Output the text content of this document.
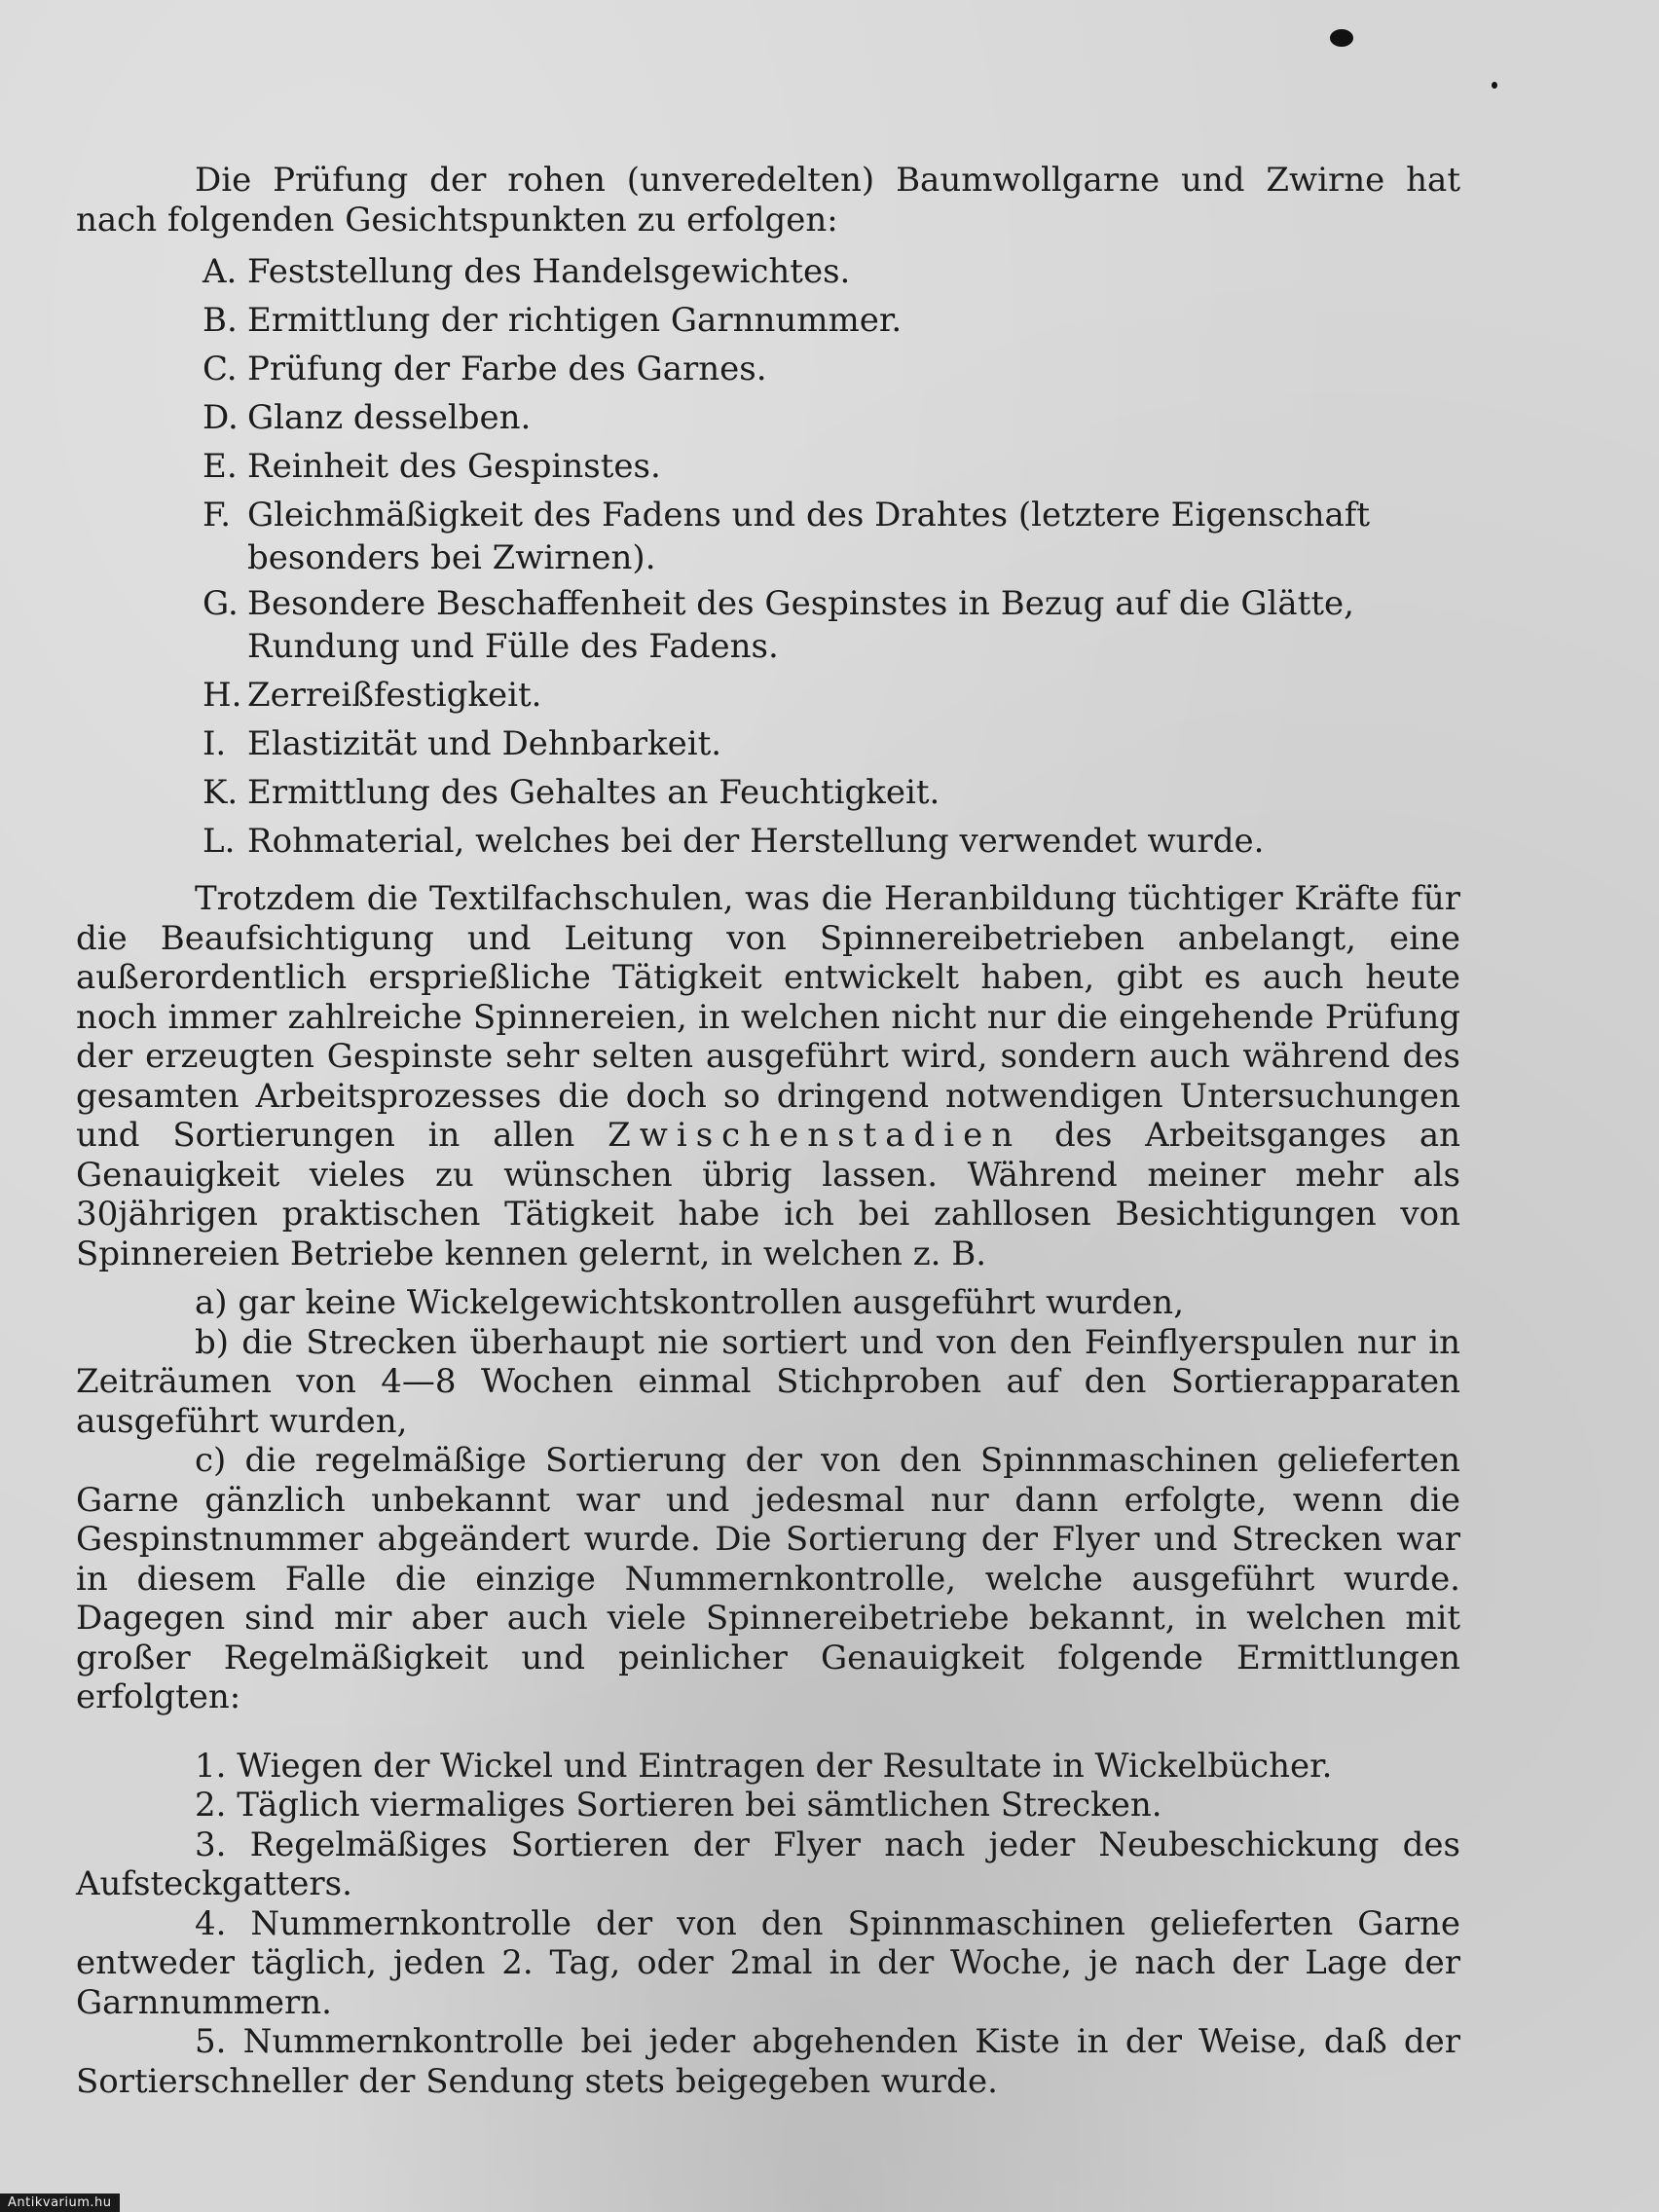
Die Prüfung der rohen (unveredelten) Baumwollgarne und Zwirne hat nach folgenden Gesichtspunkten zu erfolgen:

A. Feststellung des Handelsgewichtes.
B. Ermittlung der richtigen Garnnummer.
C. Prüfung der Farbe des Garnes.
D. Glanz desselben.
E. Reinheit des Gespinstes.
F. Gleichmäßigkeit des Fadens und des Drahtes (letztere Eigenschaft besonders bei Zwirnen).
G. Besondere Beschaffenheit des Gespinstes in Bezug auf die Glätte, Rundung und Fülle des Fadens.
H. Zerreißfestigkeit.
I. Elastizität und Dehnbarkeit.
K. Ermittlung des Gehaltes an Feuchtigkeit.
L. Rohmaterial, welches bei der Herstellung verwendet wurde.

Trotzdem die Textilfachschulen, was die Heranbildung tüchtiger Kräfte für die Beaufsichtigung und Leitung von Spinnereibetrieben anbelangt, eine außerordentlich ersprießliche Tätigkeit entwickelt haben, gibt es auch heute noch immer zahlreiche Spinnereien, in welchen nicht nur die eingehende Prüfung der erzeugten Gespinste sehr selten ausgeführt wird, sondern auch während des gesamten Arbeitsprozesses die doch so dringend notwendigen Untersuchungen und Sortierungen in allen Zwischenstadien des Arbeitsganges an Genauigkeit vieles zu wünschen übrig lassen. Während meiner mehr als 30jährigen praktischen Tätigkeit habe ich bei zahllosen Besichtigungen von Spinnereien Betriebe kennen gelernt, in welchen z. B.

a) gar keine Wickelgewichtskontrollen ausgeführt wurden,

b) die Strecken überhaupt nie sortiert und von den Feinflyerspulen nur in Zeiträumen von 4—8 Wochen einmal Stichproben auf den Sortierapparaten ausgeführt wurden,

c) die regelmäßige Sortierung der von den Spinnmaschinen gelieferten Garne gänzlich unbekannt war und jedesmal nur dann erfolgte, wenn die Gespinstnummer abgeändert wurde. Die Sortierung der Flyer und Strecken war in diesem Falle die einzige Nummernkontrolle, welche ausgeführt wurde. Dagegen sind mir aber auch viele Spinnereibetriebe bekannt, in welchen mit großer Regelmäßigkeit und peinlicher Genauigkeit folgende Ermittlungen erfolgten:

1. Wiegen der Wickel und Eintragen der Resultate in Wickelbücher.

2. Täglich viermaliges Sortieren bei sämtlichen Strecken.

3. Regelmäßiges Sortieren der Flyer nach jeder Neubeschickung des Aufsteckgatters.

4. Nummernkontrolle der von den Spinnmaschinen gelieferten Garne entweder täglich, jeden 2. Tag, oder 2mal in der Woche, je nach der Lage der Garnnummern.

5. Nummernkontrolle bei jeder abgehenden Kiste in der Weise, daß der Sortierschneller der Sendung stets beigegeben wurde.

Antikvarium.hu
